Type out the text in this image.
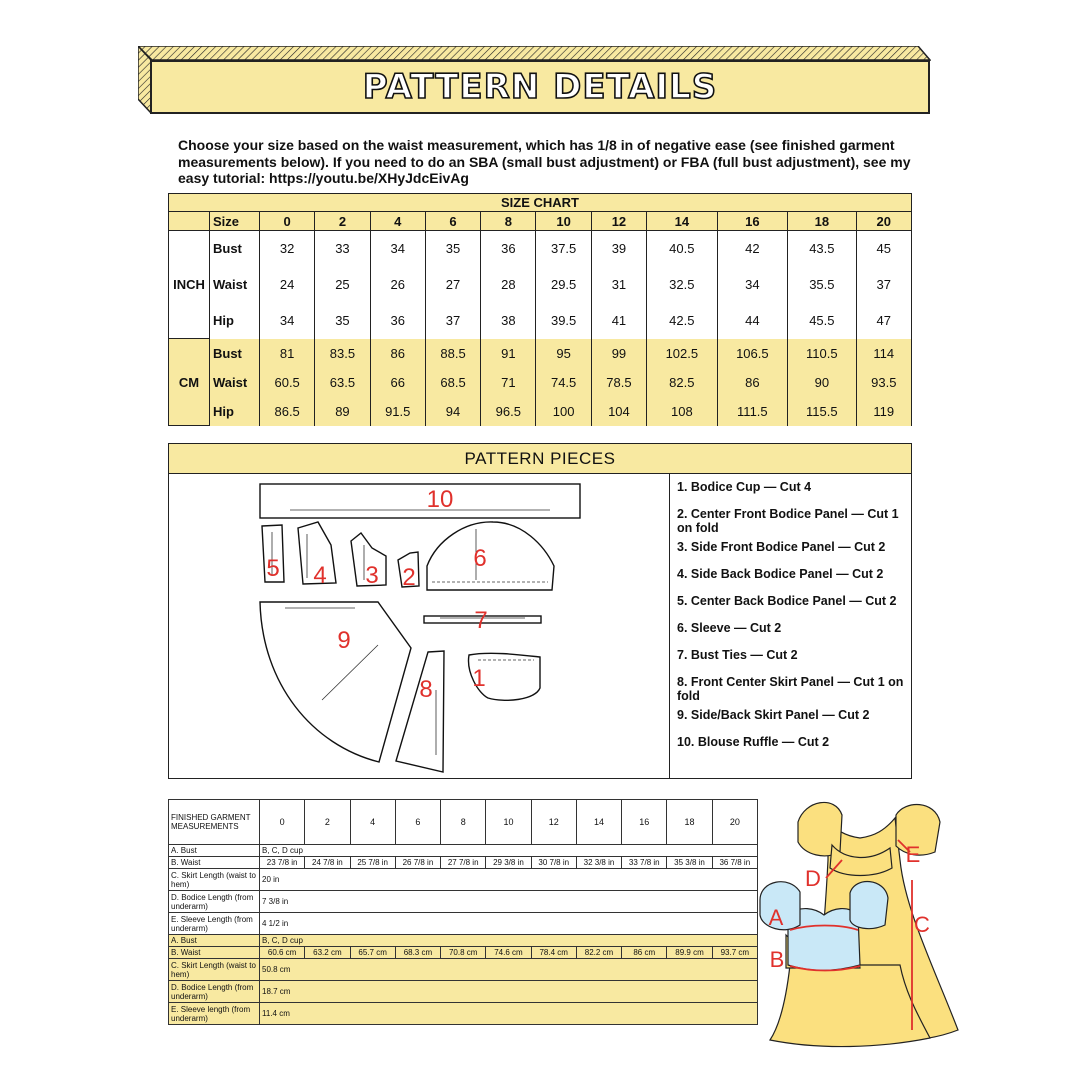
PATTERN DETAILS
Choose your size based on the waist measurement, which has 1/8 in of negative ease (see finished garment measurements below). If you need to do an SBA (small bust adjustment) or FBA (full bust adjustment), see my easy tutorial: https://youtu.be/XHyJdcEivAg
SIZE CHART												
	Size	0	2	4	6	8	10	12	14	16	18	20
INCH	Bust	32	33	34	35	36	37.5	39	40.5	42	43.5	45
	Waist	24	25	26	27	28	29.5	31	32.5	34	35.5	37
	Hip	34	35	36	37	38	39.5	41	42.5	44	45.5	47
CM	Bust	81	83.5	86	88.5	91	95	99	102.5	106.5	110.5	114
	Waist	60.5	63.5	66	68.5	71	74.5	78.5	82.5	86	90	93.5
	Hip	86.5	89	91.5	94	96.5	100	104	108	111.5	115.5	119
PATTERN PIECES
10
5 4 3 2
6
9
7
8 1
1. Bodice Cup — Cut 4
2. Center Front Bodice Panel — Cut 1 on fold
3. Side Front Bodice Panel — Cut 2
4. Side Back Bodice Panel — Cut 2
5. Center Back Bodice Panel — Cut 2
6. Sleeve — Cut 2
7. Bust Ties — Cut 2
8. Front Center Skirt Panel — Cut 1 on fold
9. Side/Back Skirt Panel — Cut 2
10. Blouse Ruffle — Cut 2
FINISHED GARMENT MEASUREMENTS	0	2	4	6	8	10	12	14	16	18	20
A. Bust	B, C, D cup										
B. Waist	23 7/8 in	24 7/8 in	25 7/8 in	26 7/8 in	27 7/8 in	29 3/8 in	30 7/8 in	32 3/8 in	33 7/8 in	35 3/8 in	36 7/8 in
C. Skirt Length (waist to hem)	20 in										
D. Bodice Length (from underarm)	7 3/8 in										
E. Sleeve Length (from underarm)	4 1/2 in										
A. Bust	B, C, D cup										
B. Waist	60.6 cm	63.2 cm	65.7 cm	68.3 cm	70.8 cm	74.6 cm	78.4 cm	82.2 cm	86 cm	89.9 cm	93.7 cm
C. Skirt Length (waist to hem)	50.8 cm										
D. Bodice Length (from underarm)	18.7 cm										
E. Sleeve length (from underarm)	11.4 cm										
A
B
C
D
E
